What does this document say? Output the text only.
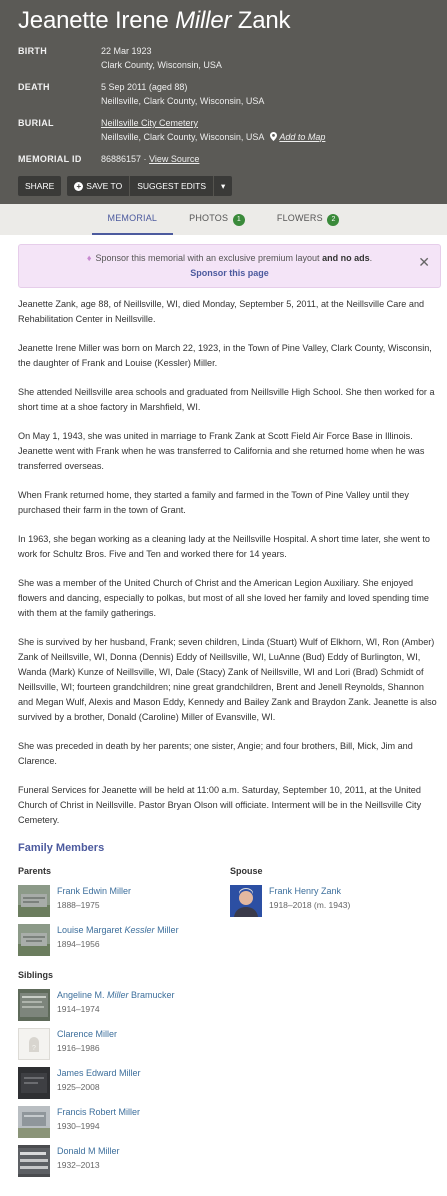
Jeanette Irene Miller Zank
BIRTH	22 Mar 1923
Clark County, Wisconsin, USA
DEATH	5 Sep 2011 (aged 88)
Neillsville, Clark County, Wisconsin, USA
BURIAL	Neillsville City Cemetery
Neillsville, Clark County, Wisconsin, USA Add to Map
MEMORIAL ID	86886157 · View Source
SHARE	+ SAVE TO	SUGGEST EDITS	▾
MEMORIAL	PHOTOS 1	FLOWERS 2
♦ Sponsor this memorial with an exclusive premium layout and no ads.
Sponsor this page
✕

Jeanette Zank, age 88, of Neillsville, WI, died Monday, September 5, 2011, at the Neillsville Care and Rehabilitation Center in Neillsville.

Jeanette Irene Miller was born on March 22, 1923, in the Town of Pine Valley, Clark County, Wisconsin, the daughter of Frank and Louise (Kessler) Miller.

She attended Neillsville area schools and graduated from Neillsville High School. She then worked for a short time at a shoe factory in Marshfield, WI.

On May 1, 1943, she was united in marriage to Frank Zank at Scott Field Air Force Base in Illinois. Jeanette went with Frank when he was transferred to California and she returned home when he was transferred overseas.

When Frank returned home, they started a family and farmed in the Town of Pine Valley until they purchased their farm in the town of Grant.

In 1963, she began working as a cleaning lady at the Neillsville Hospital. A short time later, she went to work for Schultz Bros. Five and Ten and worked there for 14 years.

She was a member of the United Church of Christ and the American Legion Auxiliary. She enjoyed flowers and dancing, especially to polkas, but most of all she loved her family and loved spending time with them at the family gatherings.

She is survived by her husband, Frank; seven children, Linda (Stuart) Wulf of Elkhorn, WI, Ron (Amber) Zank of Neillsville, WI, Donna (Dennis) Eddy of Neillsville, WI, LuAnne (Bud) Eddy of Burlington, WI, Wanda (Mark) Kunze of Neillsville, WI, Dale (Stacy) Zank of Neillsville, WI and Lori (Brad) Schmidt of Neillsville, WI; fourteen grandchildren; nine great grandchildren, Brent and Jenell Reynolds, Shannon and Megan Wulf, Alexis and Mason Eddy, Kennedy and Bailey Zank and Braydon Zank. Jeanette is also survived by a brother, Donald (Caroline) Miller of Evansville, WI.

She was preceded in death by her parents; one sister, Angie; and four brothers, Bill, Mick, Jim and Clarence.

Funeral Services for Jeanette will be held at 11:00 a.m. Saturday, September 10, 2011, at the United Church of Christ in Neillsville. Pastor Bryan Olson will officiate. Interment will be in the Neillsville City Cemetery.

Family Members
Parents
Frank Edwin Miller
1888–1975
Louise Margaret Kessler Miller
1894–1956
Siblings
Angeline M. Miller Bramucker
1914–1974
?
Clarence Miller
1916–1986
James Edward Miller
1925–2008
Francis Robert Miller
1930–1994
Donald M Miller
1932–2013
Spouse
Frank Henry Zank
1918–2018 (m. 1943)
